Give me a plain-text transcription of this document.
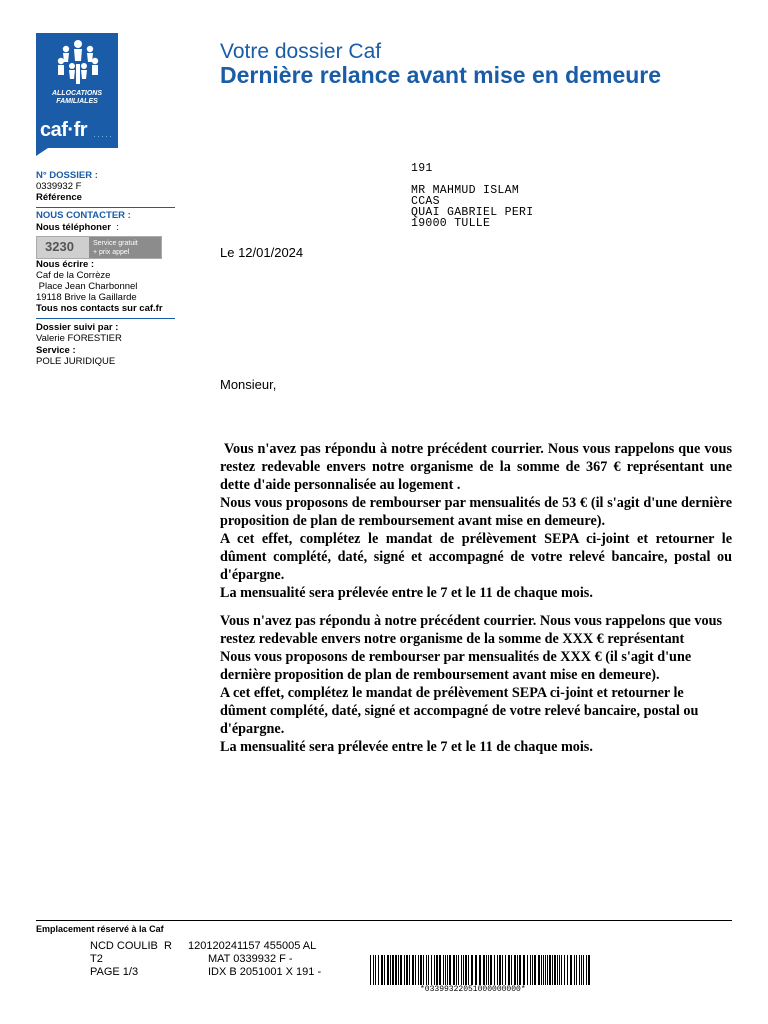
ALLOCATIONS
FAMILIALES
caf·fr ·····
Votre dossier Caf
Dernière relance avant mise en demeure
N° DOSSIER :
0339932 F
Référence
NOUS CONTACTER :
Nous téléphoner :
3230	Service gratuit
+ prix appel
Nous écrire :
Caf de la Corrèze
Place Jean Charbonnel
19118 Brive la Gaillarde
Tous nos contacts sur caf.fr
Dossier suivi par :
Valerie FORESTIER
Service :
POLE JURIDIQUE
191
MR MAHMUD ISLAM
CCAS
QUAI GABRIEL PERI
19000 TULLE
Le 12/01/2024
Monsieur,

Vous n'avez pas répondu à notre précédent courrier. Nous vous rappelons que vous restez redevable envers notre organisme de la somme de 367 € représentant une dette d'aide personnalisée au logement .

Nous vous proposons de rembourser par mensualités de 53 € (il s'agit d'une dernière proposition de plan de remboursement avant mise en demeure).

A cet effet, complétez le mandat de prélèvement SEPA ci-joint et retourner le dûment complété, daté, signé et accompagné de votre relevé bancaire, postal ou d'épargne.

La mensualité sera prélevée entre le 7 et le 11 de chaque mois.

Vous n'avez pas répondu à notre précédent courrier. Nous vous rappelons que vous restez redevable envers notre organisme de la somme de XXX € représentant

Nous vous proposons de rembourser par mensualités de XXX € (il s'agit d'une dernière proposition de plan de remboursement avant mise en demeure).

A cet effet, complétez le mandat de prélèvement SEPA ci-joint et retourner le dûment complété, daté, signé et accompagné de votre relevé bancaire, postal ou d'épargne.

La mensualité sera prélevée entre le 7 et le 11 de chaque mois.

Emplacement réservé à la Caf
NCD COULIB  R
T2
PAGE 1/3
120120241157 455005 AL
MAT 0339932 F -
IDX B 2051001 X 191 -
*03399322051000000000*
